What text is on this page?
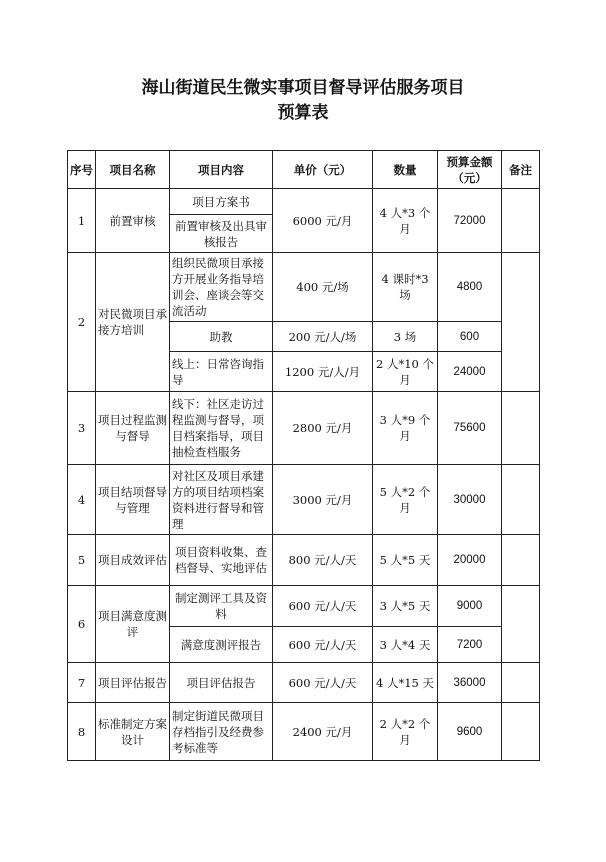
海山街道民生微实事项目督导评估服务项目
预算表
序号	项目名称	项目内容	单价（元）	数量	预算金额（元）	备注
1	前置审核	项目方案书	6000 元/月	4 人*3 个月	72000	
		前置审核及出具审核报告				
2	对民微项目承接方培训	组织民微项目承接方开展业务指导培训会、座谈会等交流活动	400 元/场	4 课时*3 场	4800	
		助教	200 元/人/场	3 场	600	
		线上：日常咨询指导	1200 元/人/月	2 人*10 个月	24000	
3	项目过程监测与督导	线下：社区走访过程监测与督导，项目档案指导，项目抽检查档服务	2800 元/月	3 人*9 个月	75600	
4	项目结项督导与管理	对社区及项目承建方的项目结项档案资料进行督导和管理	3000 元/月	5 人*2 个月	30000	
5	项目成效评估	项目资料收集、查档督导、实地评估	800 元/人/天	5 人*5 天	20000	
6	项目满意度测评	制定测评工具及资料	600 元/人/天	3 人*5 天	9000	
		满意度测评报告	600 元/人/天	3 人*4 天	7200	
7	项目评估报告	项目评估报告	600 元/人/天	4 人*15 天	36000	
8	标准制定方案设计	制定街道民微项目存档指引及经费参考标准等	2400 元/月	2 人*2 个月	9600	
